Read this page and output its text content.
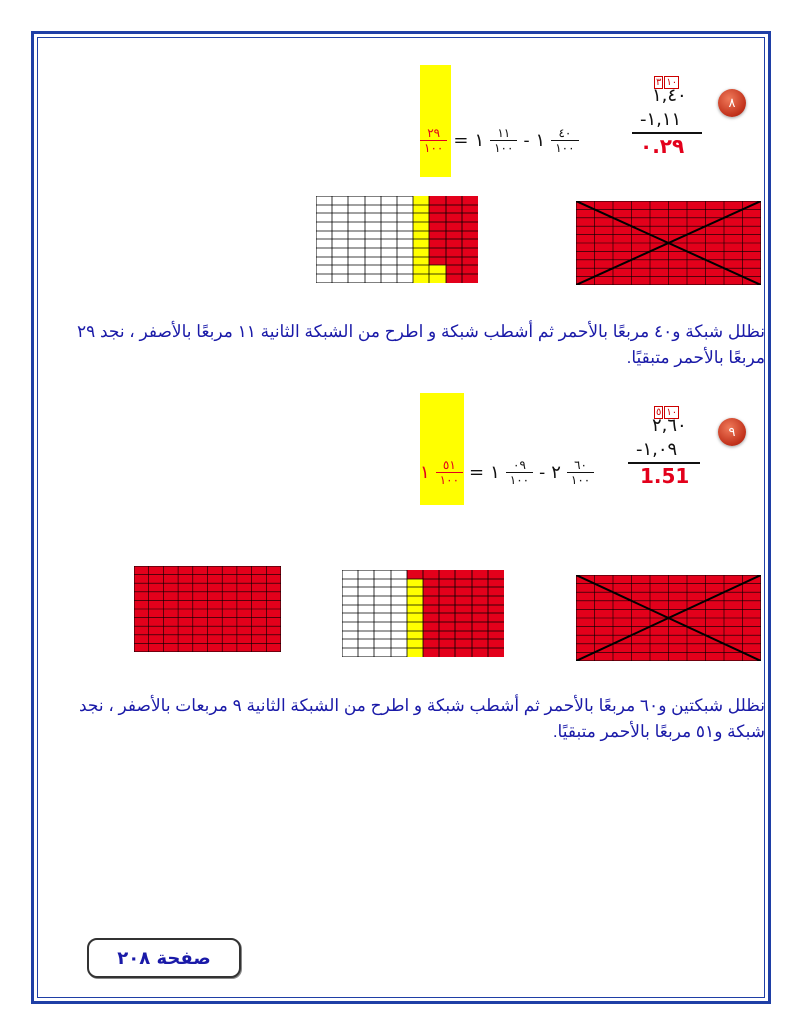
٨
٣ ١٠
١,٤٠
١,١١-
٠.٢٩
$\frac{٢٩}{١٠٠}$ = ١ $\frac{١١}{١٠٠}$ - ١ $\frac{٤٠}{١٠٠}$
نظلل شبكة و٤٠ مربعًا بالأحمر ثم أشطب شبكة و اطرح من الشبكة الثانية ١١ مربعًا بالأصفر ، نجد ٢٩ مربعًا بالأحمر متبقيًا.
٩
٥ ١٠
٢,٦٠
١,٠٩-
1.51
١ $\frac{٥١}{١٠٠}$ = ١ $\frac{٠٩}{١٠٠}$ - ٢ $\frac{٦٠}{١٠٠}$
نظلل شبكتين و٦٠ مربعًا بالأحمر ثم أشطب شبكة و اطرح من الشبكة الثانية ٩ مربعات بالأصفر ، نجد شبكة و٥١ مربعًا بالأحمر متبقيًا.
صفحة ٢٠٨
